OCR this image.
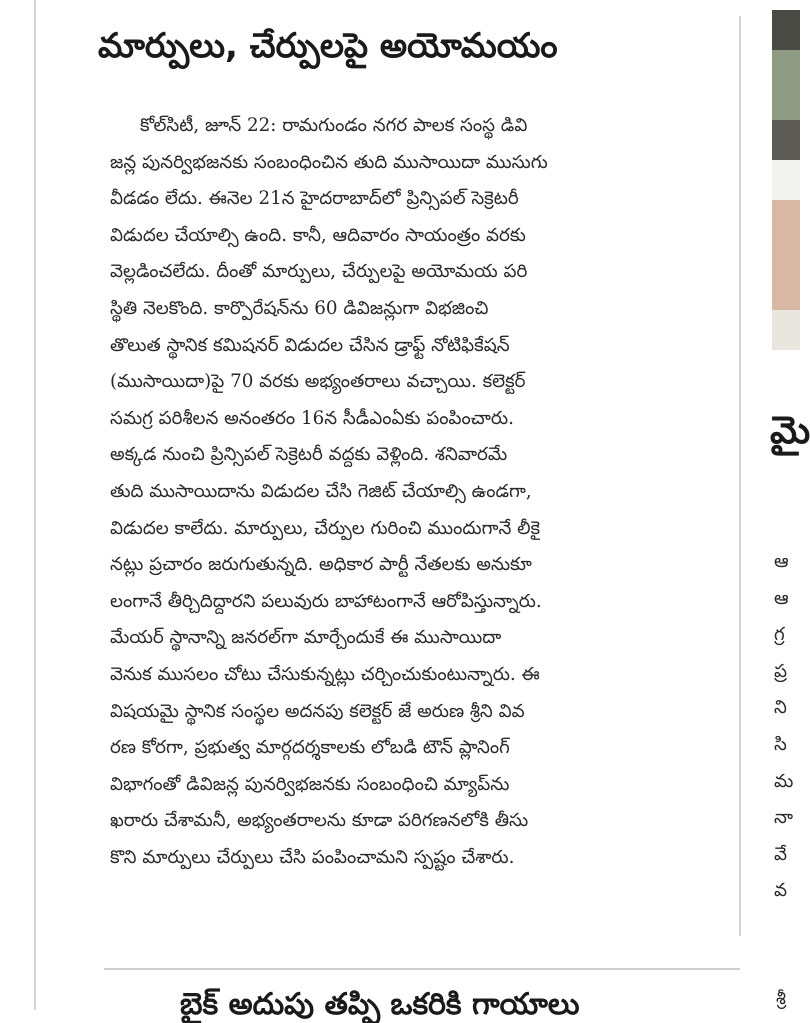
మార్పులు, చేర్పులపై అయోమయం
కోల్‌సిటీ, జూన్ 22: రామగుండం నగర పాలక సంస్థ డివి
జన్ల పునర్విభజనకు సంబంధించిన తుది ముసాయిదా ముసుగు
వీడడం లేదు. ఈనెల 21న హైదరాబాద్‌లో ప్రిన్సిపల్ సెక్రెటరీ
విడుదల చేయాల్సి ఉంది. కానీ, ఆదివారం సాయంత్రం వరకు
వెల్లడించలేదు. దీంతో మార్పులు, చేర్పులపై అయోమయ పరి
స్థితి నెలకొంది. కార్పొరేషన్‌ను 60 డివిజన్లుగా విభజించి
తొలుత స్థానిక కమిషనర్ విడుదల చేసిన డ్రాఫ్ట్ నోటిఫికేషన్
(ముసాయిదా)పై 70 వరకు అభ్యంతరాలు వచ్చాయి. కలెక్టర్
సమగ్ర పరిశీలన అనంతరం 16న సీడీఎంఏకు పంపించారు.
అక్కడ నుంచి ప్రిన్సిపల్ సెక్రెటరీ వద్దకు వెళ్లింది. శనివారమే
తుది ముసాయిదాను విడుదల చేసి గెజిట్ చేయాల్సి ఉండగా,
విడుదల కాలేదు. మార్పులు, చేర్పుల గురించి ముందుగానే లీకై
నట్లు ప్రచారం జరుగుతున్నది. అధికార పార్టీ నేతలకు అనుకూ
లంగానే తీర్చిదిద్దారని పలువురు బాహాటంగానే ఆరోపిస్తున్నారు.
మేయర్ స్థానాన్ని జనరల్‌గా మార్చేందుకే ఈ ముసాయిదా
వెనుక ముసలం చోటు చేసుకున్నట్లు చర్చించుకుంటున్నారు. ఈ
విషయమై స్థానిక సంస్థల అదనపు కలెక్టర్ జే అరుణ శ్రీని వివ
రణ కోరగా, ప్రభుత్వ మార్గదర్శకాలకు లోబడి టౌన్ ప్లానింగ్
విభాగంతో డివిజన్ల పునర్విభజనకు సంబంధించి మ్యాప్‌ను
ఖరారు చేశామనీ, అభ్యంతరాలను కూడా పరిగణనలోకి తీసు
కొని మార్పులు చేర్పులు చేసి పంపించామని స్పష్టం చేశారు.
మై
ఆ
ఆ
గ్ర
ప్ర
ని
సి
మ
నా
వే
వ
బైక్ అదుపు తప్పి ఒకరికి గాయాలు	శ్రీ
